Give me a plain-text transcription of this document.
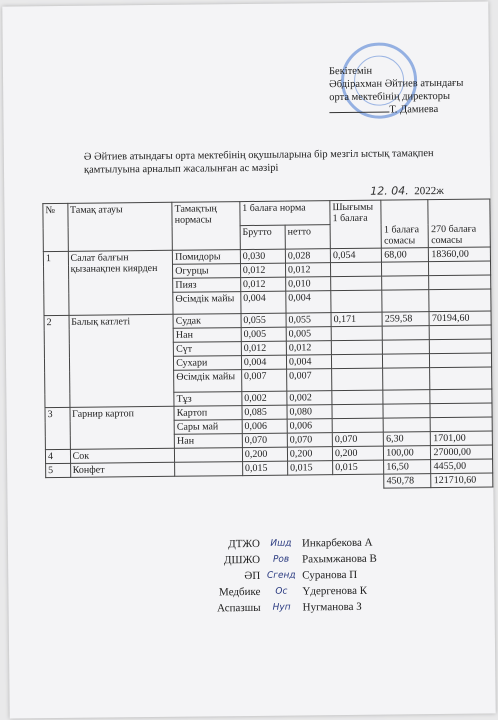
Бекітемін
Әбдірахман Әйтиев атындағы
орта мектебінің директоры
Т. Дамиева
Ә Әйтиев атындағы орта мектебінің оқушыларына бір мезгіл ыстық тамақпен қамтылуына арналып жасалынған ас мәзірі
12. 04. 2022ж
№	Тамақ атауы	Тамақтың нормасы	1 балаға норма		Шығымы 1 балаға	1 балаға сомасы	270 балаға сомасы
			Брутто	нетто			
1	Салат балғын қызанақпен киярден	Помидоры	0,030	0,028	0,054	68,00	18360,00
		Огурцы	0,012	0,012			
		Пияз	0,012	0,010			
		Өсімдік майы	0,004	0,004			
2	Балық катлеті	Судак	0,055	0,055	0,171	259,58	70194,60
		Нан	0,005	0,005			
		Сүт	0,012	0,012			
		Сухари	0,004	0,004			
		Өсімдік майы	0,007	0,007			
		Тұз	0,002	0,002			
3	Гарнир картоп	Картоп	0,085	0,080			
		Сары май	0,006	0,006			
		Нан	0,070	0,070	0,070	6,30	1701,00
4	Сок		0,200	0,200	0,200	100,00	27000,00
5	Конфет		0,015	0,015	0,015	16,50	4455,00
						450,78	121710,60
ДТЖО	Ишд Инкарбекова А
ДШЖО	Ров	Рахымжанова В
ӘП Сгенд Суранова П
Медбике	Ос	Үдергенова К
Аспазшы	Нуп	Нугманова З
